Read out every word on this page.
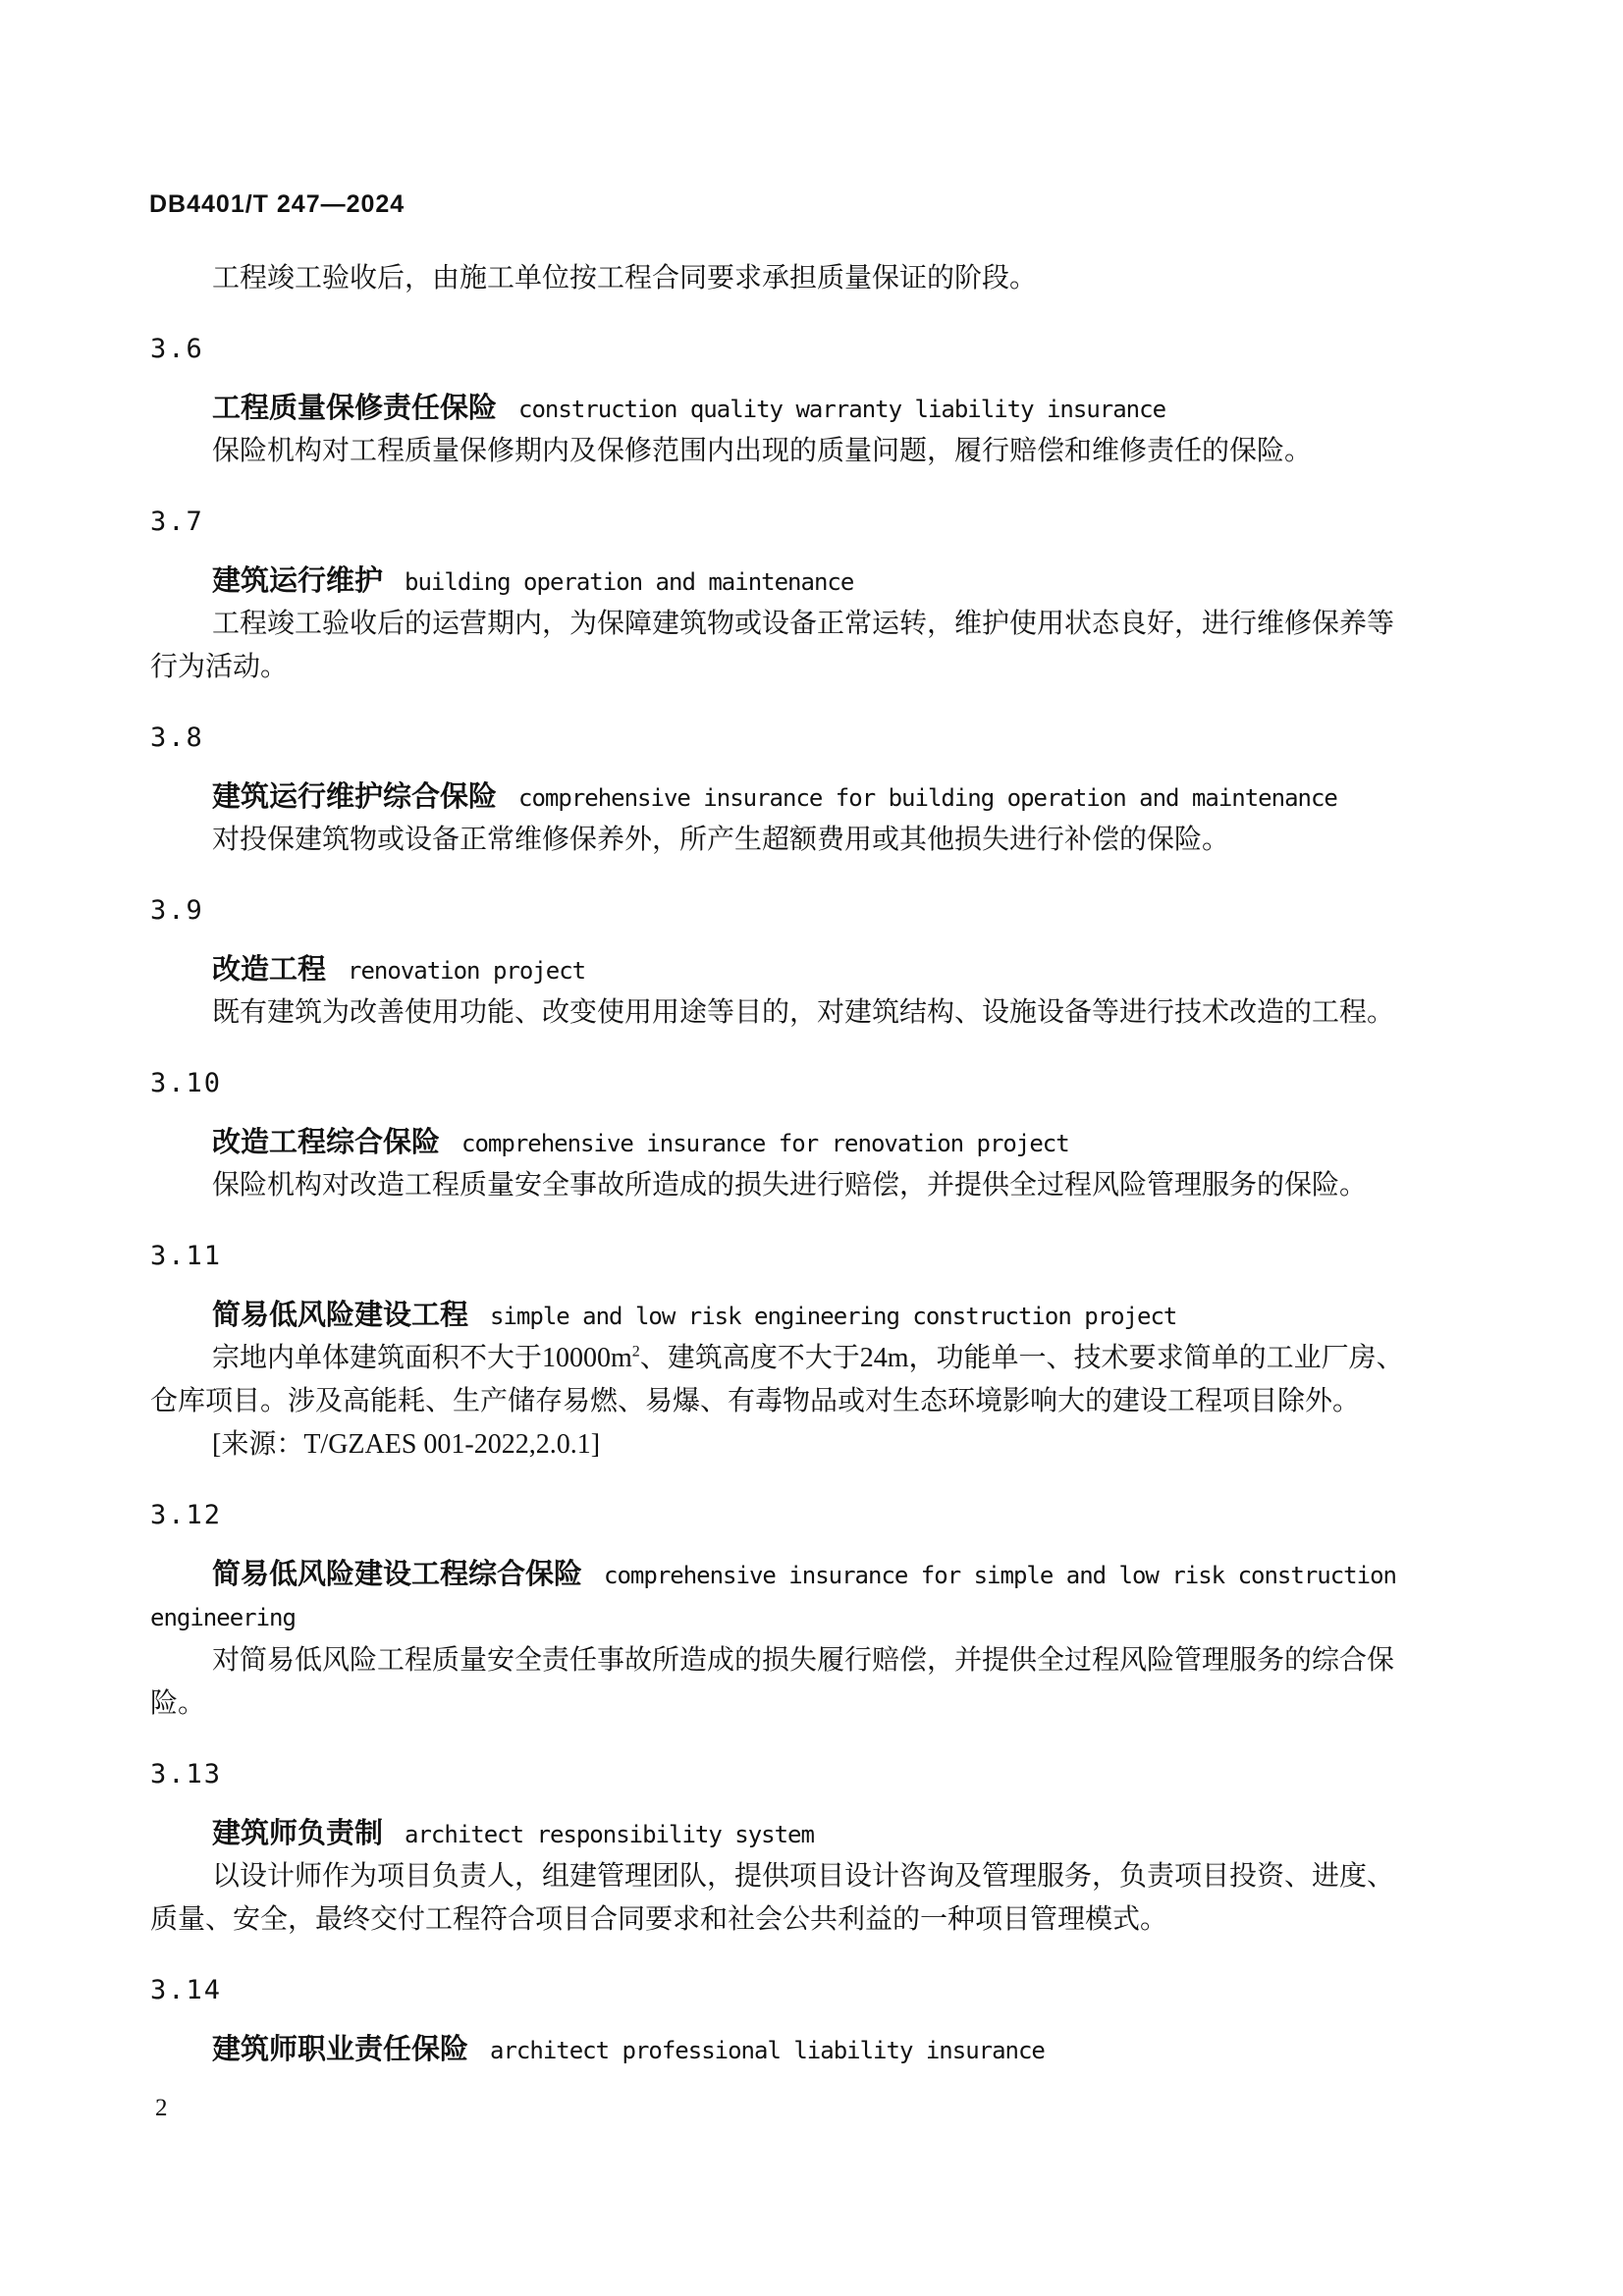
DB4401/T 247—2024
工程竣工验收后，由施工单位按工程合同要求承担质量保证的阶段。
3.6
工程质量保修责任保险 construction quality warranty liability insurance
保险机构对工程质量保修期内及保修范围内出现的质量问题，履行赔偿和维修责任的保险。
3.7
建筑运行维护 building operation and maintenance
工程竣工验收后的运营期内，为保障建筑物或设备正常运转，维护使用状态良好，进行维修保养等
行为活动。
3.8
建筑运行维护综合保险 comprehensive insurance for building operation and maintenance
对投保建筑物或设备正常维修保养外，所产生超额费用或其他损失进行补偿的保险。
3.9
改造工程 renovation project
既有建筑为改善使用功能、改变使用用途等目的，对建筑结构、设施设备等进行技术改造的工程。
3.10
改造工程综合保险 comprehensive insurance for renovation project
保险机构对改造工程质量安全事故所造成的损失进行赔偿，并提供全过程风险管理服务的保险。
3.11
简易低风险建设工程 simple and low risk engineering construction project
宗地内单体建筑面积不大于$10000m^2$、建筑高度不大于24m，功能单一、技术要求简单的工业厂房、
仓库项目。涉及高能耗、生产储存易燃、易爆、有毒物品或对生态环境影响大的建设工程项目除外。
[来源：T/GZAES 001-2022,2.0.1]
3.12
简易低风险建设工程综合保险 comprehensive insurance for simple and low risk construction
engineering
对简易低风险工程质量安全责任事故所造成的损失履行赔偿，并提供全过程风险管理服务的综合保
险。
3.13
建筑师负责制 architect responsibility system
以设计师作为项目负责人，组建管理团队，提供项目设计咨询及管理服务，负责项目投资、进度、
质量、安全，最终交付工程符合项目合同要求和社会公共利益的一种项目管理模式。
3.14
建筑师职业责任保险 architect professional liability insurance
2
